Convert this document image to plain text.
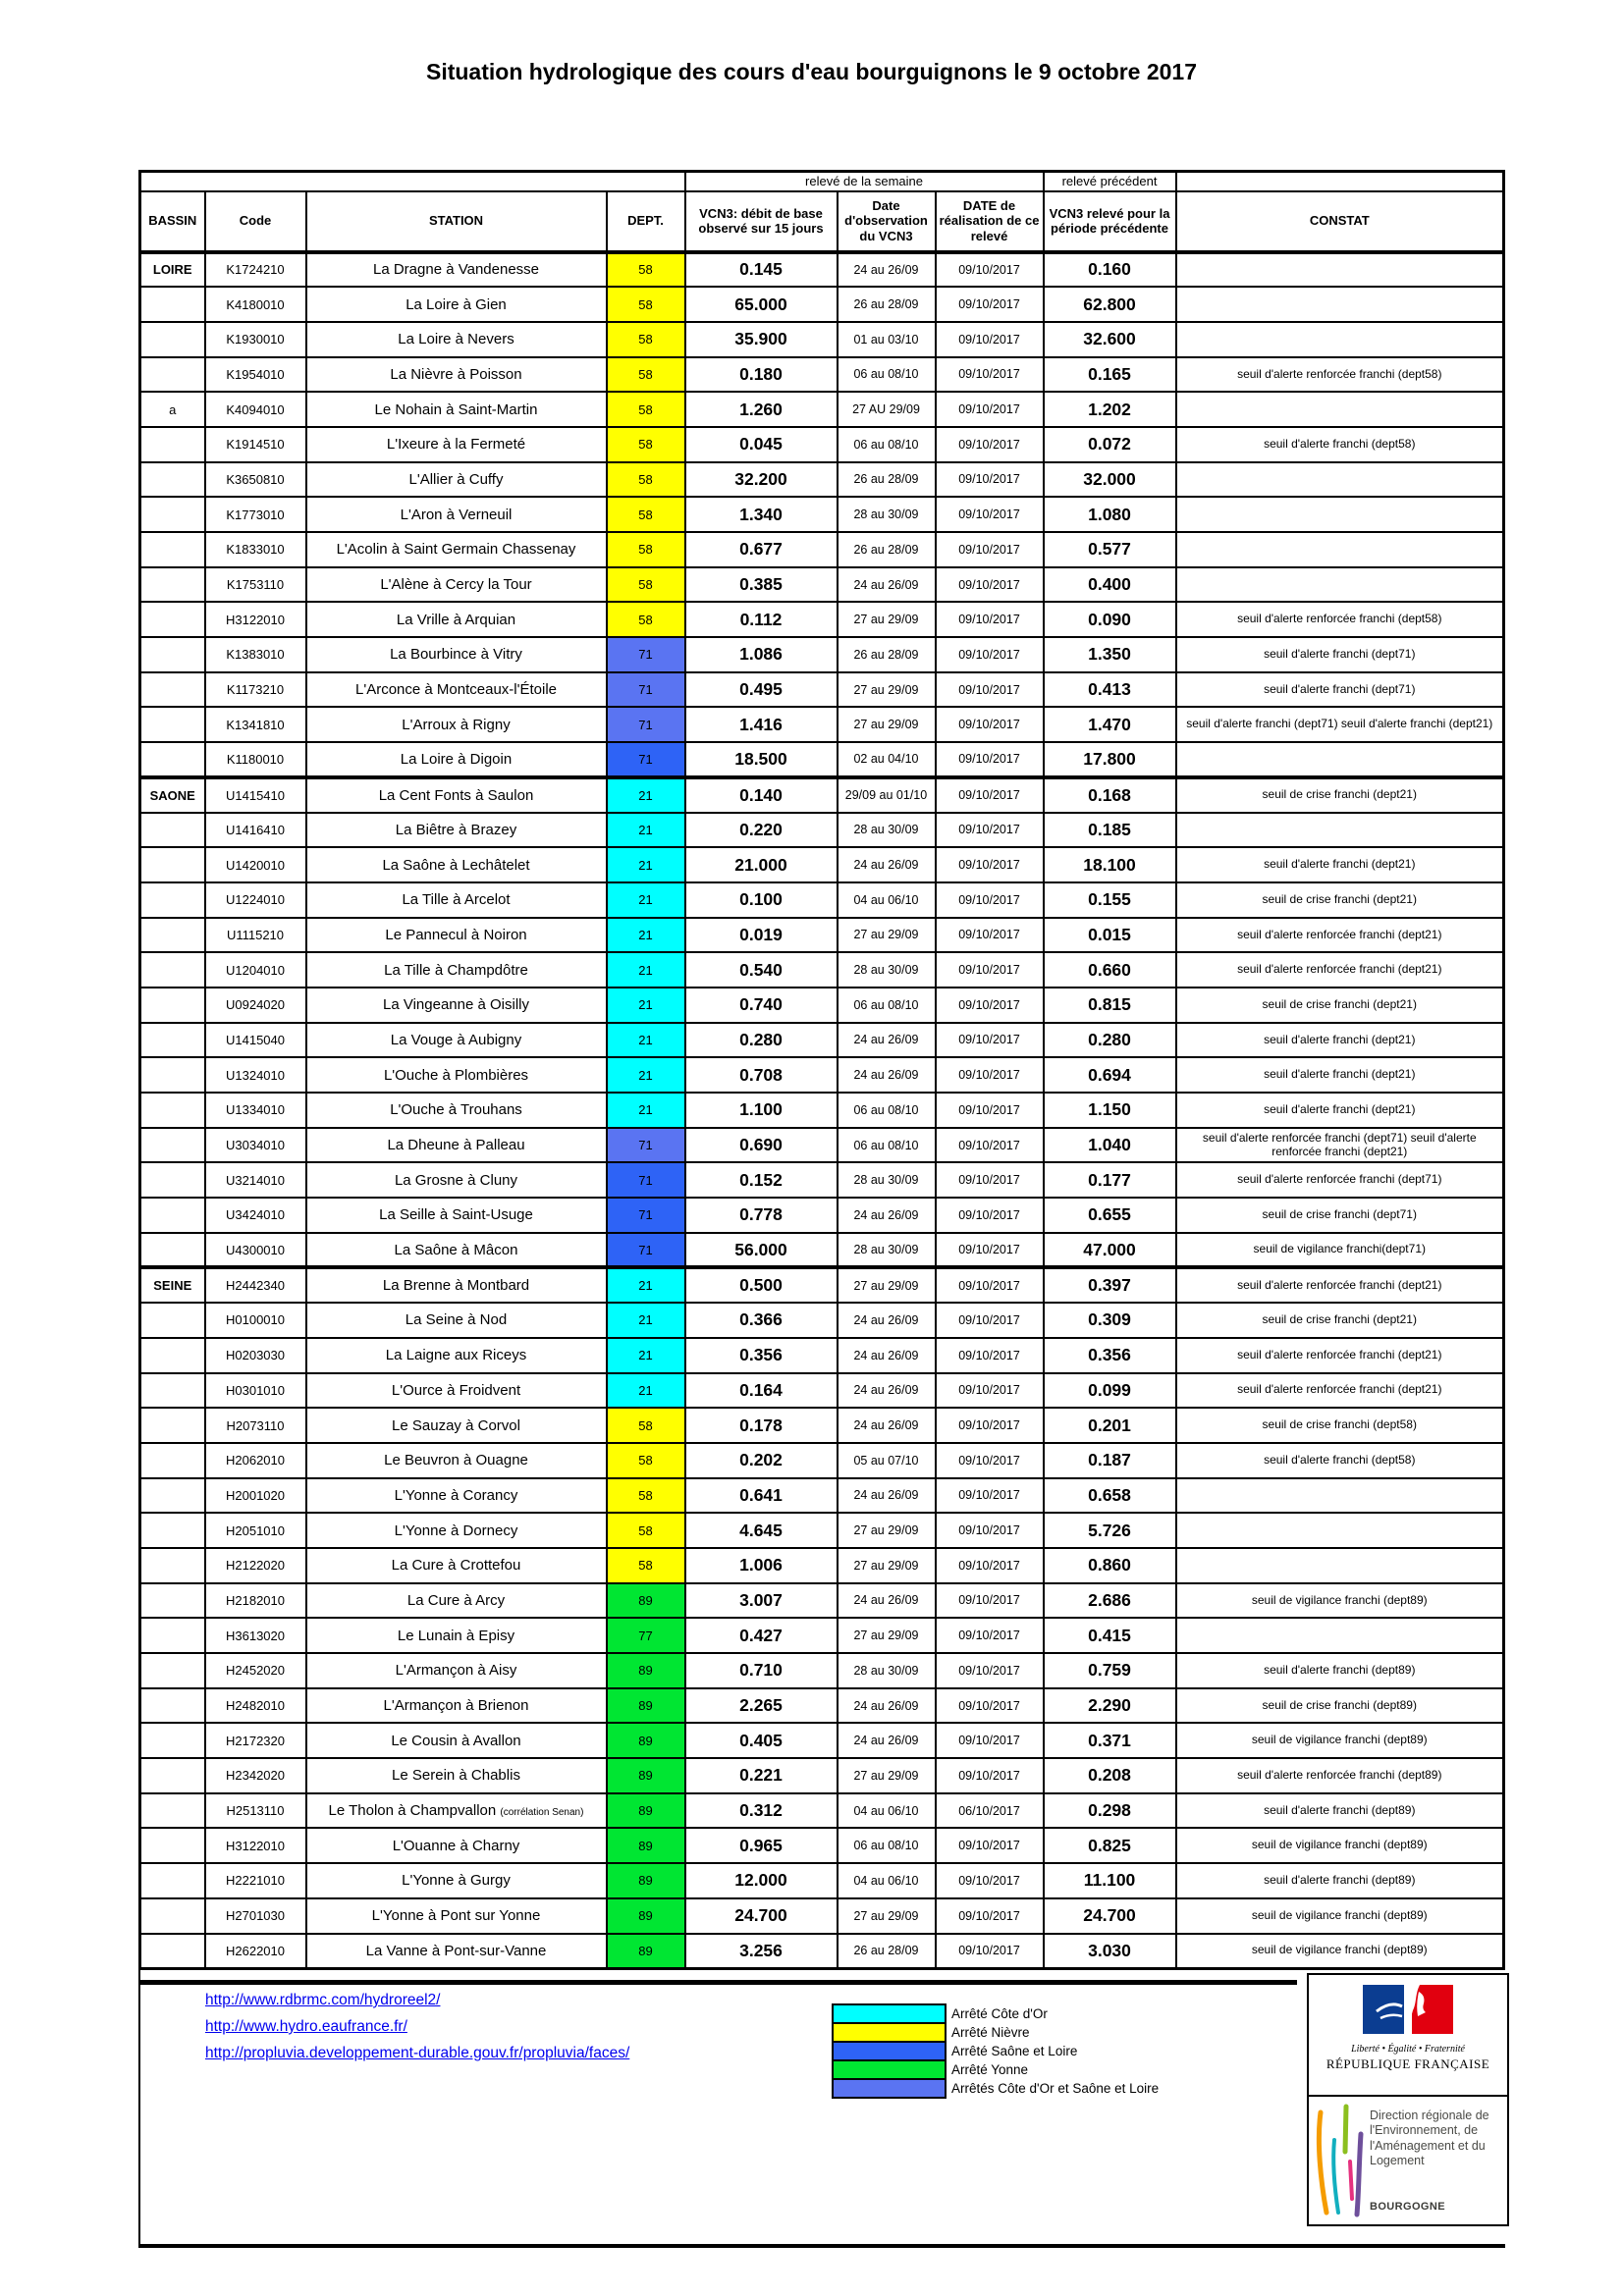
Situation hydrologique des cours d'eau bourguignons le 9 octobre 2017
				relevé de la semaine			relevé précédent	
BASSIN	Code	STATION	DEPT.	VCN3: débit de base observé sur 15 jours	Date d'observation du VCN3	DATE de réalisation de ce relevé	VCN3 relevé pour la période précédente	CONSTAT
LOIRE	K1724210	La Dragne à Vandenesse	58	0.145	24 au 26/09	09/10/2017	0.160	
	K4180010	La Loire à Gien	58	65.000	26 au 28/09	09/10/2017	62.800	
	K1930010	La Loire à Nevers	58	35.900	01 au 03/10	09/10/2017	32.600	
	K1954010	La Nièvre à Poisson	58	0.180	06 au 08/10	09/10/2017	0.165	seuil d'alerte renforcée franchi (dept58)
a	K4094010	Le Nohain à Saint-Martin	58	1.260	27 AU 29/09	09/10/2017	1.202	
	K1914510	L'Ixeure à la Fermeté	58	0.045	06 au 08/10	09/10/2017	0.072	seuil d'alerte franchi (dept58)
	K3650810	L'Allier à Cuffy	58	32.200	26 au 28/09	09/10/2017	32.000	
	K1773010	L'Aron à Verneuil	58	1.340	28 au 30/09	09/10/2017	1.080	
	K1833010	L'Acolin à Saint Germain Chassenay	58	0.677	26 au 28/09	09/10/2017	0.577	
	K1753110	L'Alène à Cercy la Tour	58	0.385	24 au 26/09	09/10/2017	0.400	
	H3122010	La Vrille à Arquian	58	0.112	27 au 29/09	09/10/2017	0.090	seuil d'alerte renforcée franchi (dept58)
	K1383010	La Bourbince à Vitry	71	1.086	26 au 28/09	09/10/2017	1.350	seuil d'alerte franchi (dept71)
	K1173210	L'Arconce à Montceaux-l'Étoile	71	0.495	27 au 29/09	09/10/2017	0.413	seuil d'alerte franchi (dept71)
	K1341810	L'Arroux à Rigny	71	1.416	27 au 29/09	09/10/2017	1.470	seuil d'alerte franchi (dept71) seuil d'alerte franchi (dept21)
	K1180010	La Loire à Digoin	71	18.500	02 au 04/10	09/10/2017	17.800	
SAONE	U1415410	La Cent Fonts à Saulon	21	0.140	29/09 au 01/10	09/10/2017	0.168	seuil de crise franchi (dept21)
	U1416410	La Biêtre à Brazey	21	0.220	28 au 30/09	09/10/2017	0.185	
	U1420010	La Saône à Lechâtelet	21	21.000	24 au 26/09	09/10/2017	18.100	seuil d'alerte franchi (dept21)
	U1224010	La Tille à Arcelot	21	0.100	04 au 06/10	09/10/2017	0.155	seuil de crise franchi (dept21)
	U1115210	Le Pannecul à Noiron	21	0.019	27 au 29/09	09/10/2017	0.015	seuil d'alerte renforcée franchi (dept21)
	U1204010	La Tille à Champdôtre	21	0.540	28 au 30/09	09/10/2017	0.660	seuil d'alerte renforcée franchi (dept21)
	U0924020	La Vingeanne à Oisilly	21	0.740	06 au 08/10	09/10/2017	0.815	seuil de crise franchi (dept21)
	U1415040	La Vouge à Aubigny	21	0.280	24 au 26/09	09/10/2017	0.280	seuil d'alerte franchi (dept21)
	U1324010	L'Ouche à Plombières	21	0.708	24 au 26/09	09/10/2017	0.694	seuil d'alerte franchi (dept21)
	U1334010	L'Ouche à Trouhans	21	1.100	06 au 08/10	09/10/2017	1.150	seuil d'alerte franchi (dept21)
	U3034010	La Dheune à Palleau	71	0.690	06 au 08/10	09/10/2017	1.040	seuil d'alerte renforcée franchi (dept71) seuil d'alerte renforcée franchi (dept21)
	U3214010	La Grosne à Cluny	71	0.152	28 au 30/09	09/10/2017	0.177	seuil d'alerte renforcée franchi (dept71)
	U3424010	La Seille à Saint-Usuge	71	0.778	24 au 26/09	09/10/2017	0.655	seuil de crise franchi (dept71)
	U4300010	La Saône à Mâcon	71	56.000	28 au 30/09	09/10/2017	47.000	seuil de vigilance franchi(dept71)
SEINE	H2442340	La Brenne à Montbard	21	0.500	27 au 29/09	09/10/2017	0.397	seuil d'alerte renforcée franchi (dept21)
	H0100010	La Seine à Nod	21	0.366	24 au 26/09	09/10/2017	0.309	seuil de crise franchi (dept21)
	H0203030	La Laigne aux Riceys	21	0.356	24 au 26/09	09/10/2017	0.356	seuil d'alerte renforcée franchi (dept21)
	H0301010	L'Ource à Froidvent	21	0.164	24 au 26/09	09/10/2017	0.099	seuil d'alerte renforcée franchi (dept21)
	H2073110	Le Sauzay à Corvol	58	0.178	24 au 26/09	09/10/2017	0.201	seuil de crise franchi (dept58)
	H2062010	Le Beuvron à Ouagne	58	0.202	05 au 07/10	09/10/2017	0.187	seuil d'alerte franchi (dept58)
	H2001020	L'Yonne à Corancy	58	0.641	24 au 26/09	09/10/2017	0.658	
	H2051010	L'Yonne à Dornecy	58	4.645	27 au 29/09	09/10/2017	5.726	
	H2122020	La Cure à Crottefou	58	1.006	27 au 29/09	09/10/2017	0.860	
	H2182010	La Cure à Arcy	89	3.007	24 au 26/09	09/10/2017	2.686	seuil de vigilance franchi (dept89)
	H3613020	Le Lunain à Episy	77	0.427	27 au 29/09	09/10/2017	0.415	
	H2452020	L'Armançon à Aisy	89	0.710	28 au 30/09	09/10/2017	0.759	seuil d'alerte franchi (dept89)
	H2482010	L'Armançon à Brienon	89	2.265	24 au 26/09	09/10/2017	2.290	seuil de crise franchi (dept89)
	H2172320	Le Cousin à Avallon	89	0.405	24 au 26/09	09/10/2017	0.371	seuil de vigilance franchi (dept89)
	H2342020	Le Serein à Chablis	89	0.221	27 au 29/09	09/10/2017	0.208	seuil d'alerte renforcée franchi (dept89)
	H2513110	Le Tholon à Champvallon (corrélation Senan)	89	0.312	04 au 06/10	06/10/2017	0.298	seuil d'alerte franchi (dept89)
	H3122010	L'Ouanne à Charny	89	0.965	06 au 08/10	09/10/2017	0.825	seuil de vigilance franchi (dept89)
	H2221010	L'Yonne à Gurgy	89	12.000	04 au 06/10	09/10/2017	11.100	seuil d'alerte franchi (dept89)
	H2701030	L'Yonne à Pont sur Yonne	89	24.700	27 au 29/09	09/10/2017	24.700	seuil de vigilance franchi (dept89)
	H2622010	La Vanne à Pont-sur-Vanne	89	3.256	26 au 28/09	09/10/2017	3.030	seuil de vigilance franchi (dept89)
http://www.rdbrmc.com/hydroreel2/
http://www.hydro.eaufrance.fr/
http://propluvia.developpement-durable.gouv.fr/propluvia/faces/
Arrêté Côte d'Or
Arrêté Nièvre
Arrêté Saône et Loire
Arrêté Yonne
Arrêtés Côte d'Or et Saône et Loire
Liberté • Égalité • Fraternité
RÉPUBLIQUE FRANÇAISE
Direction régionale de l'Environnement, de l'Aménagement et du Logement
BOURGOGNE
